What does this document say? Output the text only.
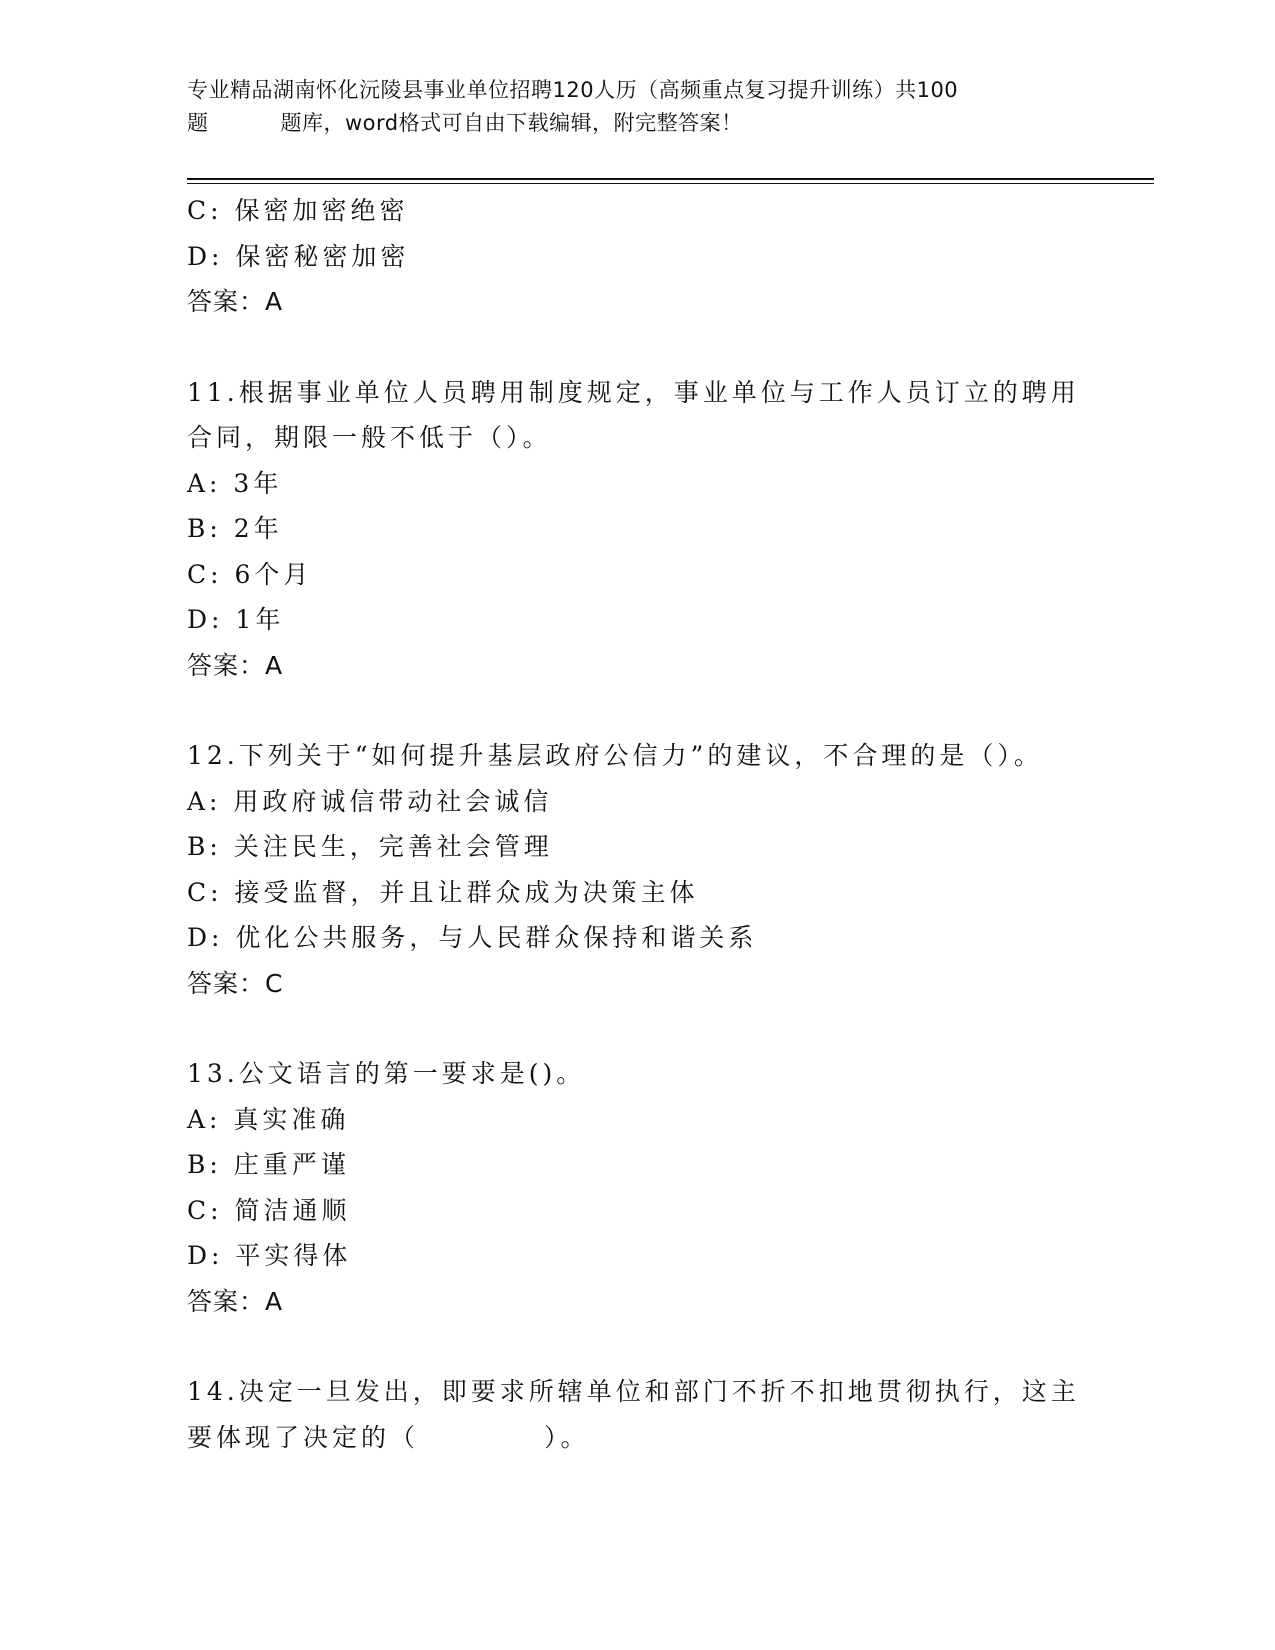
专业精品湖南怀化沅陵县事业单位招聘120人历（高频重点复习提升训练）共100
题	题库，word格式可自由下载编辑，附完整答案！
C: 保密加密绝密
D: 保密秘密加密
答案：A
11.根据事业单位人员聘用制度规定，事业单位与工作人员订立的聘用
合同，期限一般不低于（）。
A: 3年
B: 2年
C: 6个月
D: 1年
答案：A
12.下列关于“如何提升基层政府公信力”的建议，不合理的是（）。
A: 用政府诚信带动社会诚信
B: 关注民生，完善社会管理
C: 接受监督，并且让群众成为决策主体
D: 优化公共服务，与人民群众保持和谐关系
答案：C
13.公文语言的第一要求是()。
A: 真实准确
B: 庄重严谨
C: 简洁通顺
D: 平实得体
答案：A
14.决定一旦发出，即要求所辖单位和部门不折不扣地贯彻执行，这主
要体现了决定的（	）。
